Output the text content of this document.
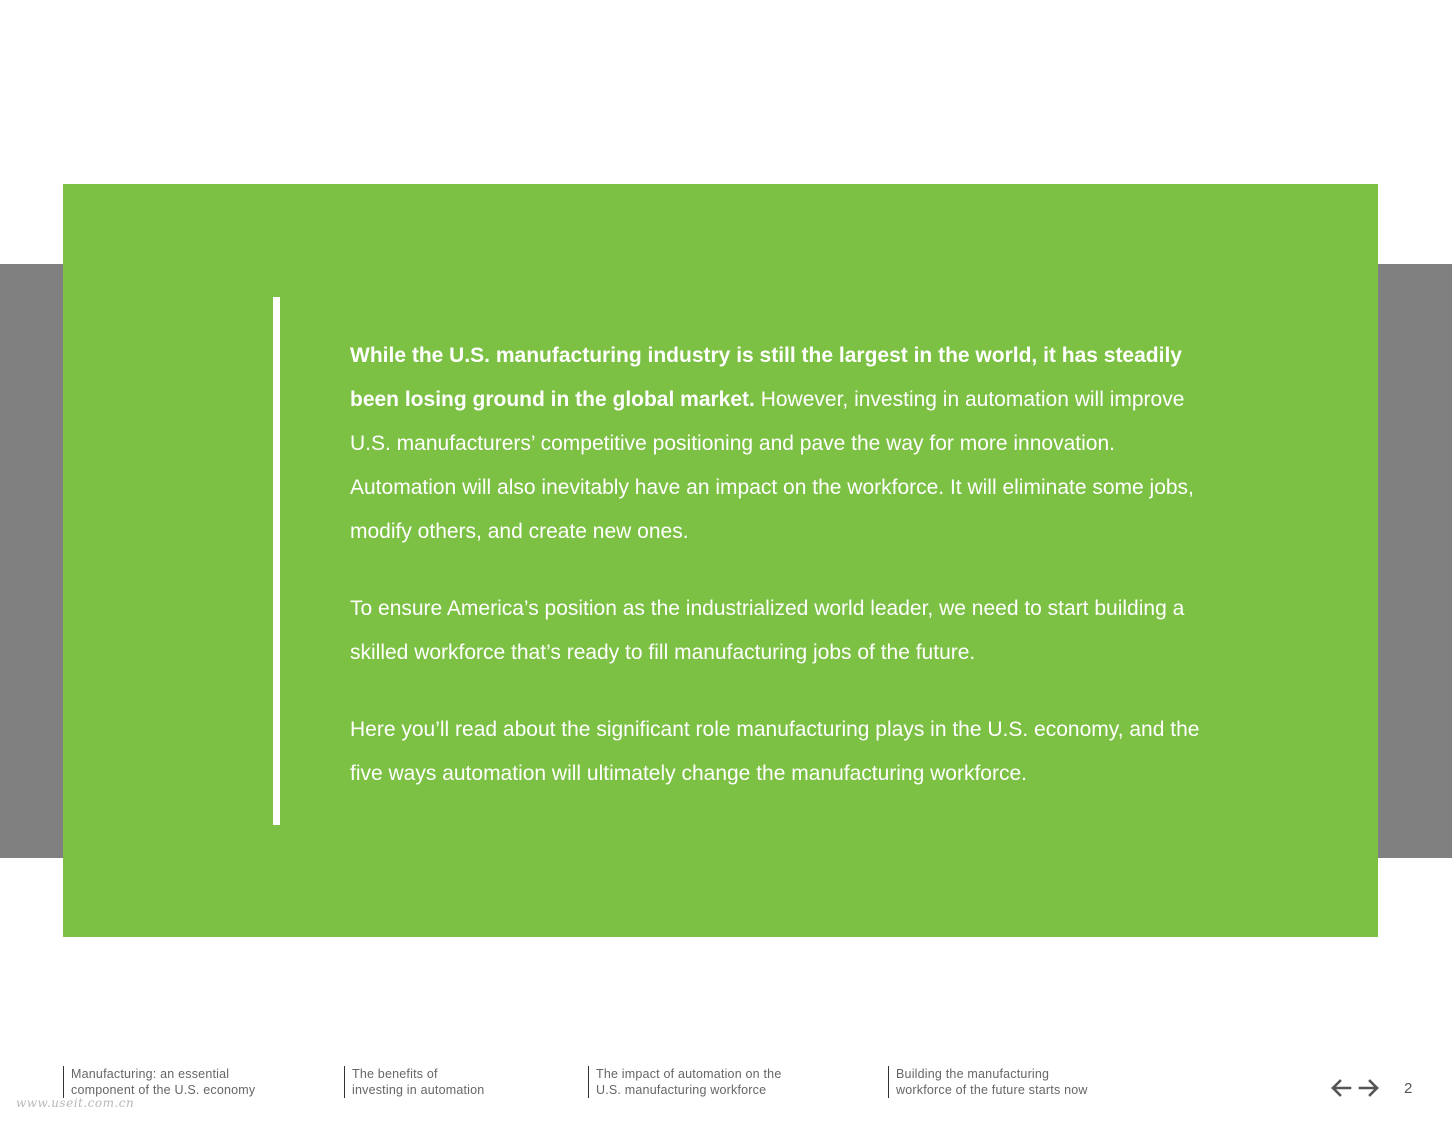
While the U.S. manufacturing industry is still the largest in the world, it has steadily been losing ground in the global market. However, investing in automation will improve U.S. manufacturers’ competitive positioning and pave the way for more innovation. Automation will also inevitably have an impact on the workforce. It will eliminate some jobs, modify others, and create new ones.

To ensure America’s position as the industrialized world leader, we need to start building a skilled workforce that’s ready to fill manufacturing jobs of the future.

Here you’ll read about the significant role manufacturing plays in the U.S. economy, and the five ways automation will ultimately change the manufacturing workforce.

Manufacturing: an essential
component of the U.S. economy
The benefits of
investing in automation
The impact of automation on the
U.S. manufacturing workforce
Building the manufacturing
workforce of the future starts now	2
www.useit.com.cn
